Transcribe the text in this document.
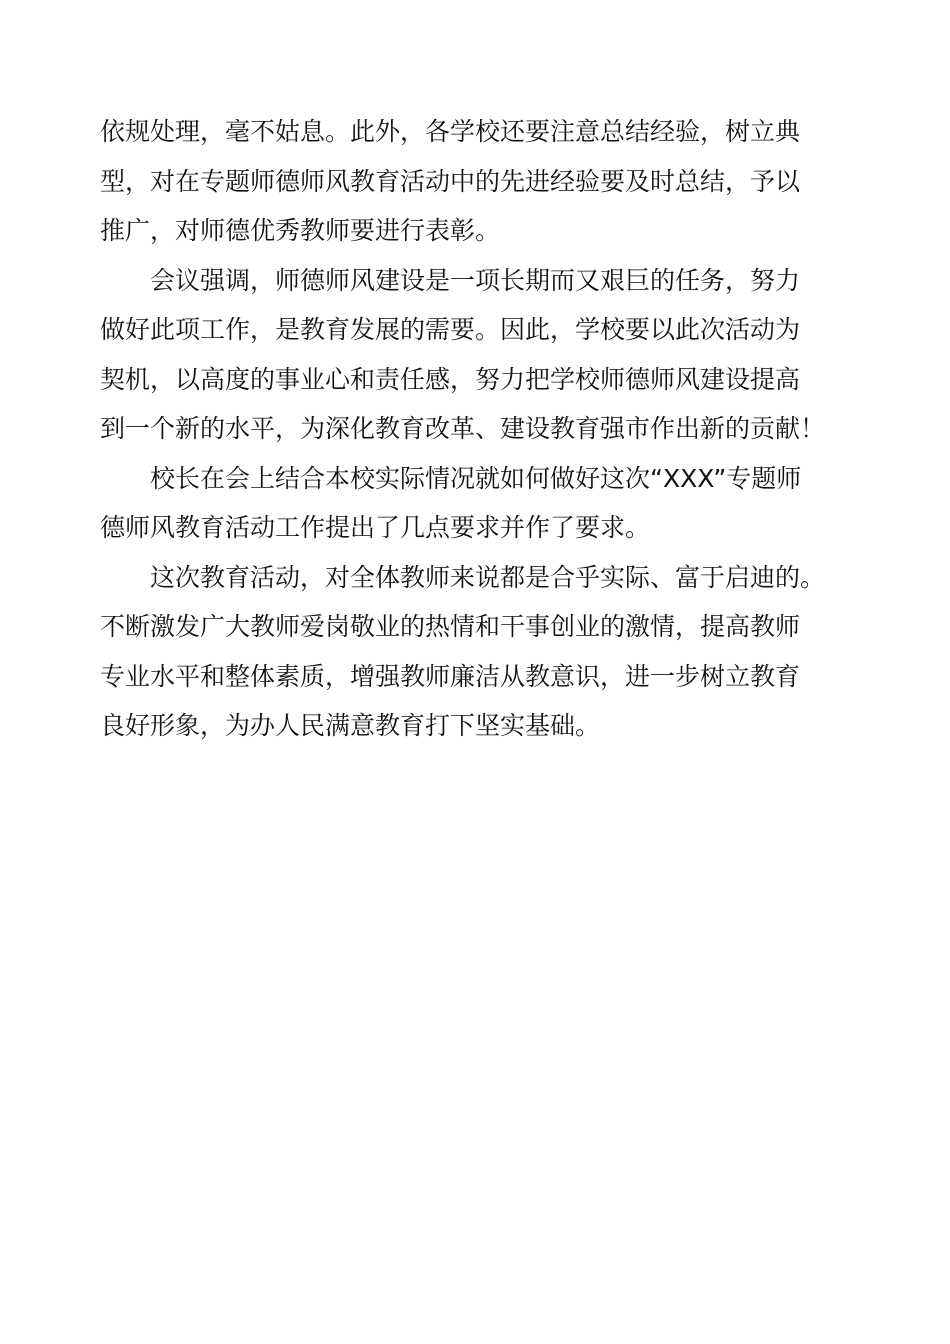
依规处理，毫不姑息。此外，各学校还要注意总结经验，树立典
型，对在专题师德师风教育活动中的先进经验要及时总结，予以
推广，对师德优秀教师要进行表彰。

会议强调，师德师风建设是一项长期而又艰巨的任务，努力
做好此项工作，是教育发展的需要。因此，学校要以此次活动为
契机，以高度的事业心和责任感，努力把学校师德师风建设提高
到一个新的水平，为深化教育改革、建设教育强市作出新的贡献！

校长在会上结合本校实际情况就如何做好这次“XXX”专题师
德师风教育活动工作提出了几点要求并作了要求。

这次教育活动，对全体教师来说都是合乎实际、富于启迪的。
不断激发广大教师爱岗敬业的热情和干事创业的激情，提高教师
专业水平和整体素质，增强教师廉洁从教意识，进一步树立教育
良好形象，为办人民满意教育打下坚实基础。
